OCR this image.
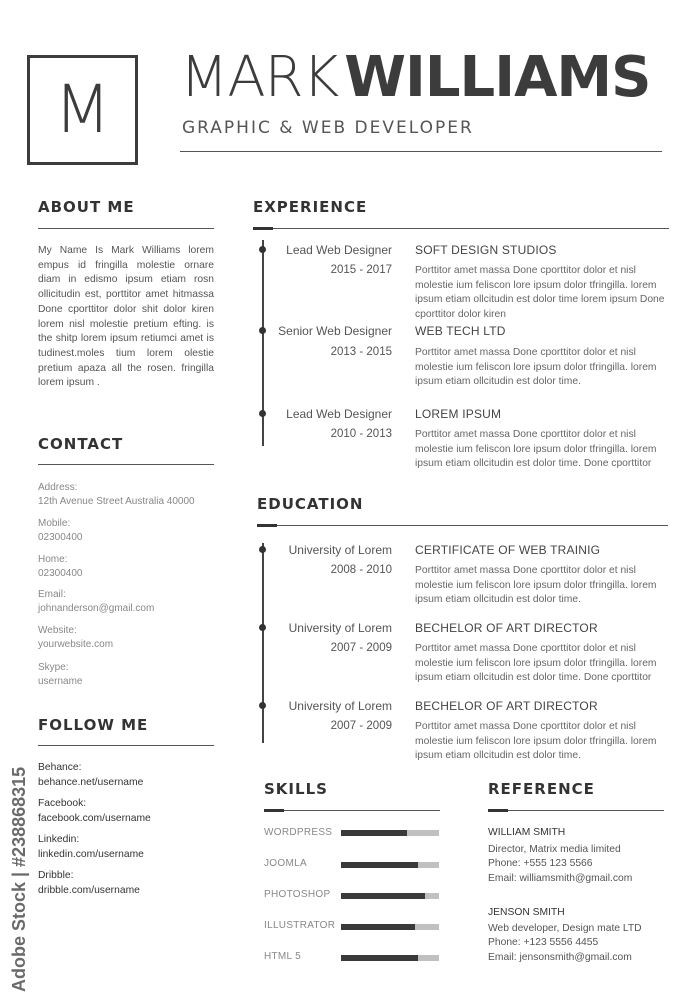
M MARK WILLIAMS
GRAPHIC & WEB DEVELOPER
ABOUT ME
My Name Is Mark Williams lorem empus id fringilla molestie ornare diam in edismo ipsum etiam rosn ollicitudin est, porttitor amet hitmassa Done cporttitor dolor shit dolor kiren lorem nisl molestie pretium efting. is the shitp lorem ipsum retiumci amet is tudinest.moles tium lorem olestie pretium apaza all the rosen. fringilla lorem ipsum .
CONTACT
Address:
12th Avenue Street Australia 40000
Mobile:
02300400
Home:
02300400
Email:
johnanderson@gmail.com
Website:
yourwebsite.com
Skype:
username
FOLLOW ME
Behance:
behance.net/username
Facebook:
facebook.com/username
Linkedin:
linkedin.com/username
Dribble:
dribble.com/username
EXPERIENCE
Lead Web Designer
2015 - 2017
SOFT DESIGN STUDIOS
Porttitor amet massa Done cporttitor dolor et nisl molestie ium feliscon lore ipsum dolor tfringilla. lorem ipsum etiam ollcitudin est dolor time lorem ipsum Done cporttitor dolor kiren
Senior Web Designer
2013 - 2015
WEB TECH LTD
Porttitor amet massa Done cporttitor dolor et nisl molestie ium feliscon lore ipsum dolor tfringilla. lorem ipsum etiam ollcitudin est dolor time.
Lead Web Designer
2010 - 2013
LOREM IPSUM
Porttitor amet massa Done cporttitor dolor et nisl molestie ium feliscon lore ipsum dolor tfringilla. lorem ipsum etiam ollcitudin est dolor time. Done cporttitor
EDUCATION
University of Lorem
2008 - 2010
CERTIFICATE OF WEB TRAINIG
Porttitor amet massa Done cporttitor dolor et nisl molestie ium feliscon lore ipsum dolor tfringilla. lorem ipsum etiam ollcitudin est dolor time.
University of Lorem
2007 - 2009
BECHELOR OF ART DIRECTOR
Porttitor amet massa Done cporttitor dolor et nisl molestie ium feliscon lore ipsum dolor tfringilla. lorem ipsum etiam ollcitudin est dolor time. Done cporttitor
University of Lorem
2007 - 2009
BECHELOR OF ART DIRECTOR
Porttitor amet massa Done cporttitor dolor et nisl molestie ium feliscon lore ipsum dolor tfringilla. lorem ipsum etiam ollcitudin est dolor time.
SKILLS
WORDPRESS
JOOMLA
PHOTOSHOP
ILLUSTRATOR
HTML 5
REFERENCE
WILLIAM SMITH
Director, Matrix media limited
Phone: +555 123 5566
Email: williamsmith@gmail.com
JENSON SMITH
Web developer, Design mate LTD
Phone: +123 5556 4455
Email: jensonsmith@gmail.com
Adobe Stock | #238868315
